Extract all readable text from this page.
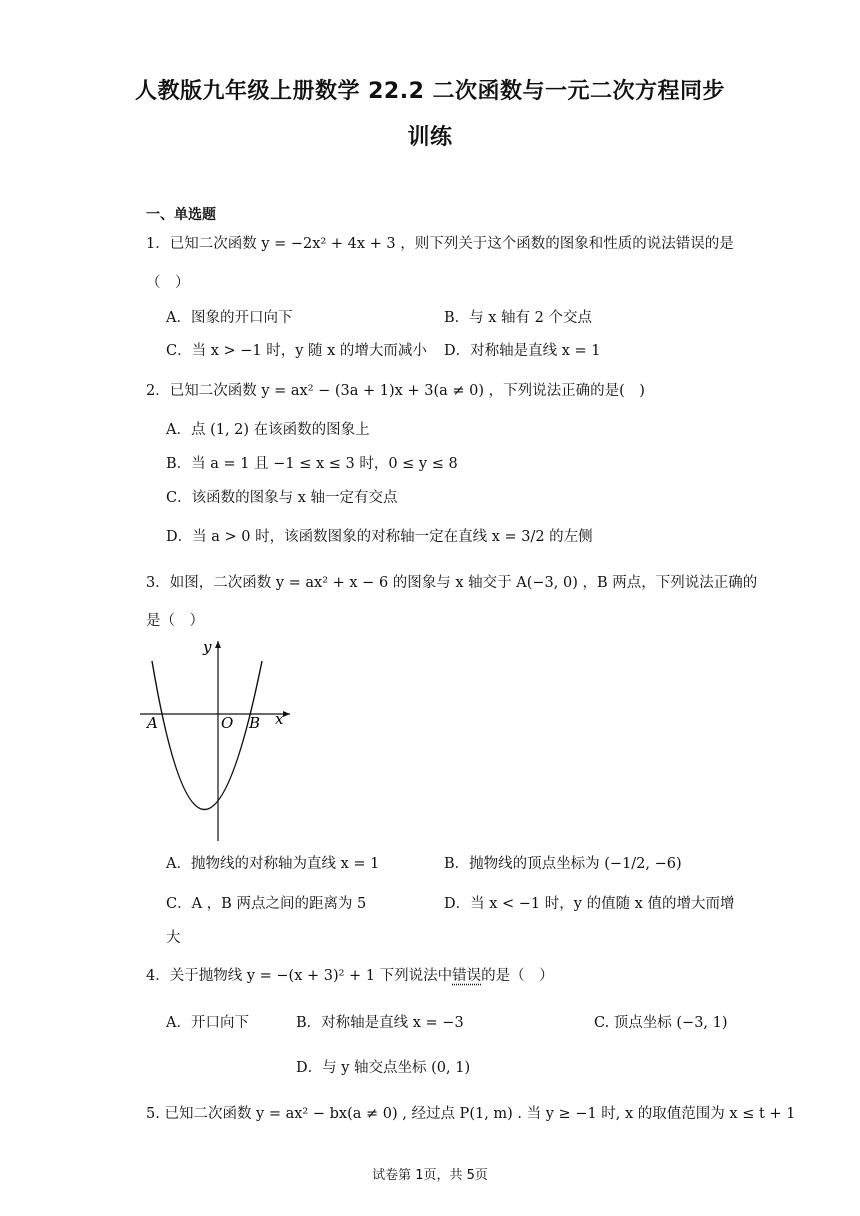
人教版九年级上册数学 22.2 二次函数与一元二次方程同步
训练
一、单选题
1．已知二次函数 y = −2x² + 4x + 3 ，则下列关于这个函数的图象和性质的说法错误的是
（　）
A．图象的开口向下	B．与 x 轴有 2 个交点
C．当 x > −1 时，y 随 x 的增大而减小 D．对称轴是直线 x = 1
2．已知二次函数 y = ax² − (3a + 1)x + 3(a ≠ 0) ，下列说法正确的是(　)
A．点 (1, 2) 在该函数的图象上
B．当 a = 1 且 −1 ≤ x ≤ 3 时，0 ≤ y ≤ 8
C．该函数的图象与 x 轴一定有交点
D．当 a > 0 时，该函数图象的对称轴一定在直线 x = 3/2 的左侧
3．如图，二次函数 y = ax² + x − 6 的图象与 x 轴交于 A(−3, 0) ，B 两点，下列说法正确的
是（　）
y
x
A	O B
A．抛物线的对称轴为直线 x = 1	B．抛物线的顶点坐标为 (−1/2, −6)
C．A ，B 两点之间的距离为 5	D．当 x < −1 时，y 的值随 x 值的增大而增
大
4．关于抛物线 y = −(x + 3)² + 1 下列说法中错误的是（　）
A．开口向下	B．对称轴是直线 x = −3	C. 顶点坐标 (−3, 1)
D．与 y 轴交点坐标 (0, 1)
5. 已知二次函数 y = ax² − bx(a ≠ 0) , 经过点 P(1, m) . 当 y ≥ −1 时, x 的取值范围为 x ≤ t + 1
试卷第 1页，共 5页
